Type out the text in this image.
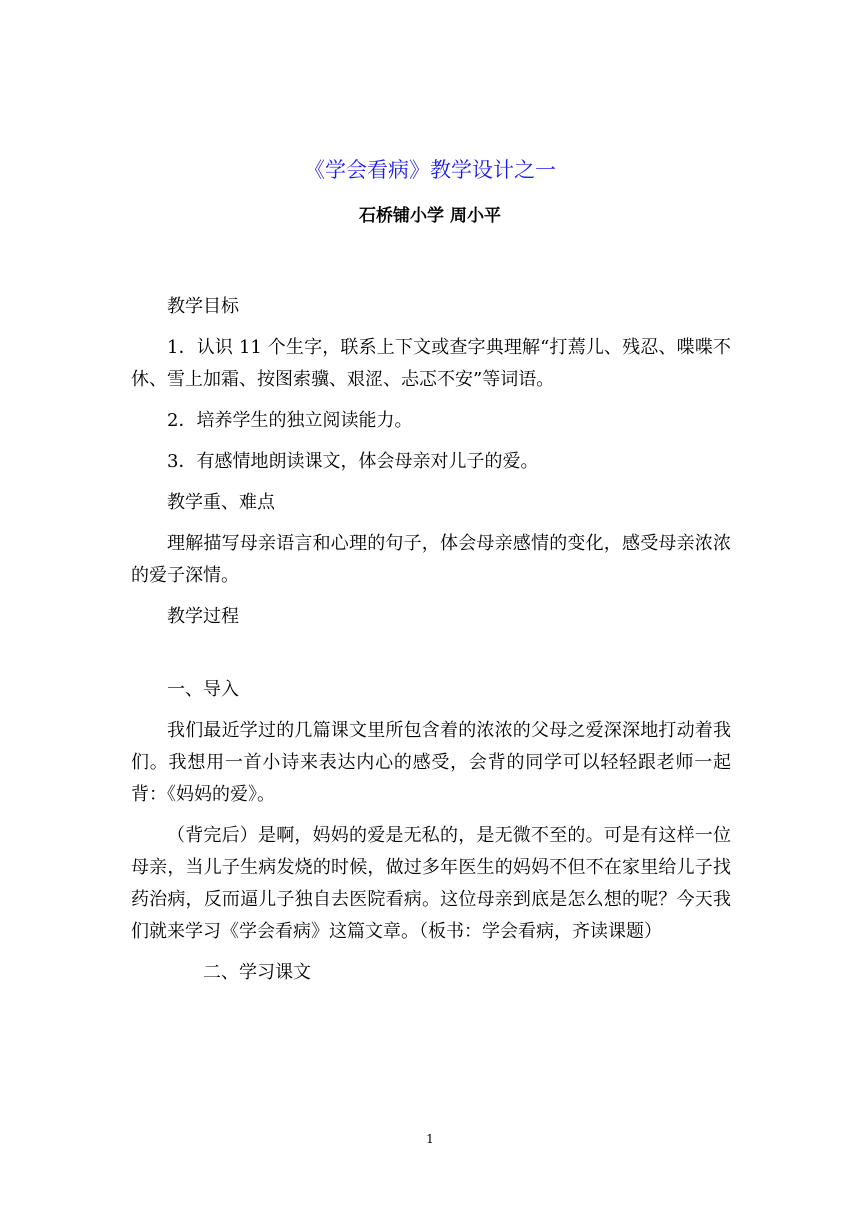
《学会看病》教学设计之一
石桥铺小学 周小平

教学目标

1．认识 11 个生字，联系上下文或查字典理解“打蔫儿、残忍、喋喋不休、雪上加霜、按图索骥、艰涩、忐忑不安”等词语。

2．培养学生的独立阅读能力。

3．有感情地朗读课文，体会母亲对儿子的爱。

教学重、难点

理解描写母亲语言和心理的句子，体会母亲感情的变化，感受母亲浓浓的爱子深情。

教学过程

一、导入

我们最近学过的几篇课文里所包含着的浓浓的父母之爱深深地打动着我们。我想用一首小诗来表达内心的感受，会背的同学可以轻轻跟老师一起背：《妈妈的爱》。

（背完后）是啊，妈妈的爱是无私的，是无微不至的。可是有这样一位母亲，当儿子生病发烧的时候，做过多年医生的妈妈不但不在家里给儿子找药治病，反而逼儿子独自去医院看病。这位母亲到底是怎么想的呢？今天我们就来学习《学会看病》这篇文章。（板书：学会看病，齐读课题）

二、学习课文

1
